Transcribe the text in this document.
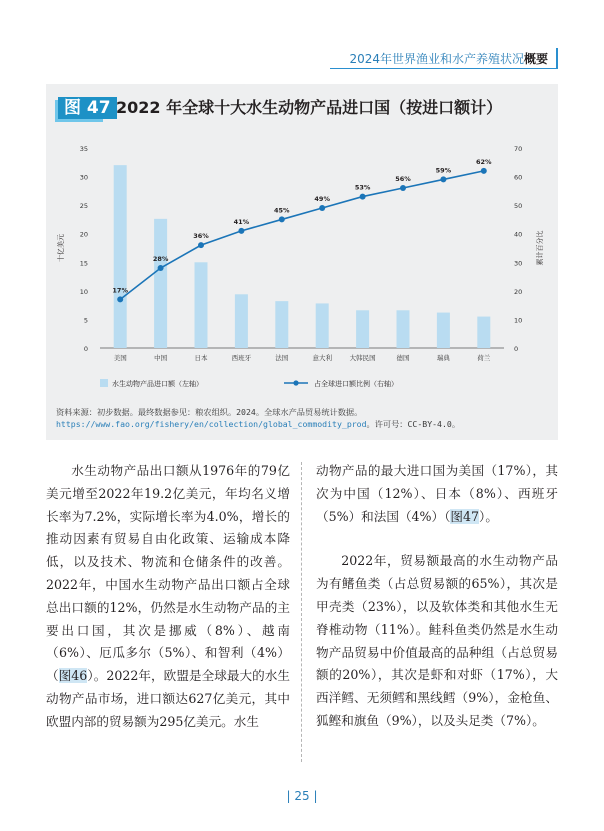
2024年世界渔业和水产养殖状况概要
图 47 2022 年全球十大水生动物产品进口国（按进口额计）
0
5
10
15
20
25
30
35
0
10
20
30
40
50
60
70
十亿美元	累计百分比
美国	中国	日本	西班牙	法国	意大利	大韩民国	德国	瑞典	荷兰
17%
28%
36%
41%
45%
49%
53%
56%
59%
62%
水生动物产品进口额（左轴）	占全球进口额比例（右轴）
资料来源：初步数据。最终数据参见：粮农组织。2024。全球水产品贸易统计数据。https://www.fao.org/fishery/en/collection/global_commodity_prod。许可号：CC-BY-4.0。

水生动物产品出口额从1976年的79亿美元增至2022年19.2亿美元，年均名义增长率为7.2%，实际增长率为4.0%，增长的推动因素有贸易自由化政策、运输成本降低，以及技术、物流和仓储条件的改善。2022年，中国水生动物产品出口额占全球总出口额的12%，仍然是水生动物产品的主要出口国，其次是挪威（8%）、越南（6%）、厄瓜多尔（5%）、和智利（4%）（图46）。2022年，欧盟是全球最大的水生动物产品市场，进口额达627亿美元，其中欧盟内部的贸易额为295亿美元。水生

动物产品的最大进口国为美国（17%），其次为中国（12%）、日本（8%）、西班牙（5%）和法国（4%）（图47）。

2022年，贸易额最高的水生动物产品为有鳍鱼类（占总贸易额的65%），其次是甲壳类（23%），以及软体类和其他水生无脊椎动物（11%）。鲑科鱼类仍然是水生动物产品贸易中价值最高的品种组（占总贸易额的20%），其次是虾和对虾（17%），大西洋鳕、无须鳕和黑线鳕（9%），金枪鱼、狐鲣和旗鱼（9%），以及头足类（7%）。

| 25 |
